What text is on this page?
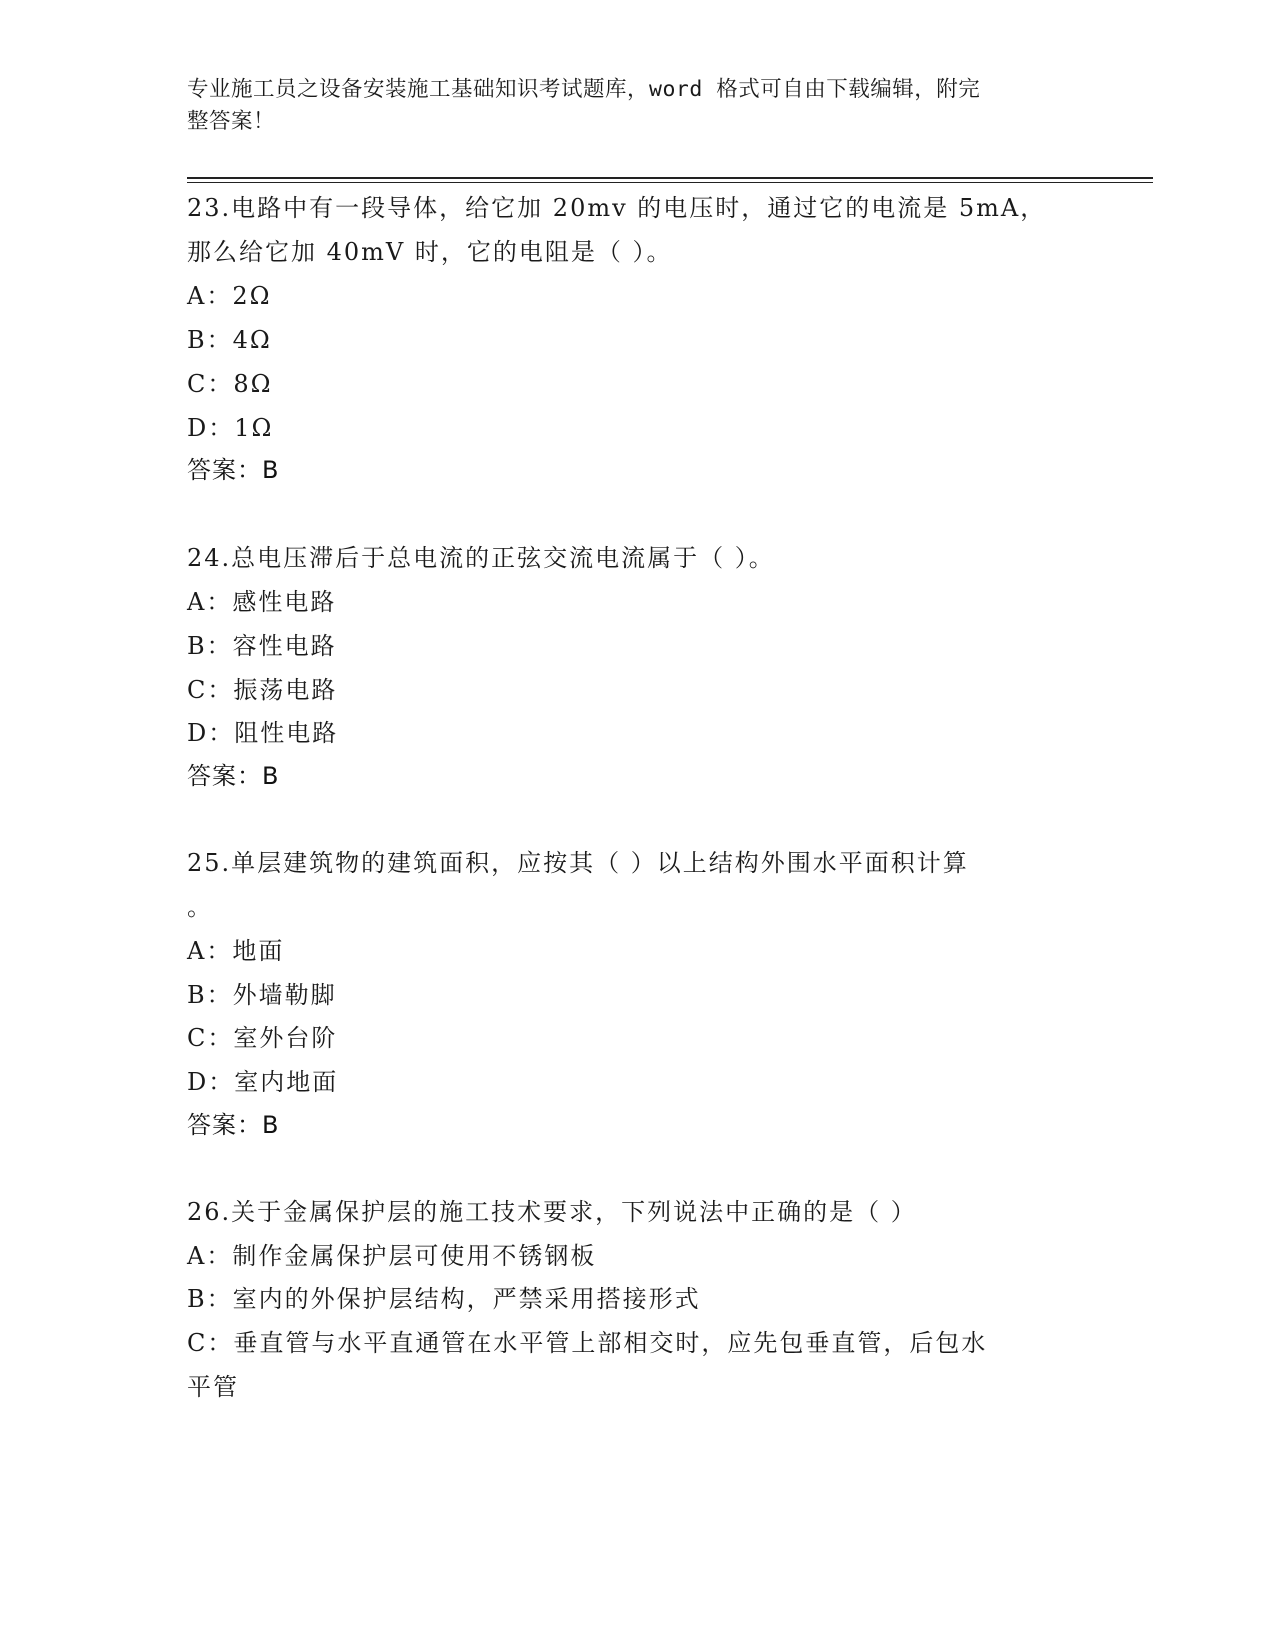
专业施工员之设备安装施工基础知识考试题库，word 格式可自由下载编辑，附完
整答案！
23.电路中有一段导体，给它加 20mv 的电压时，通过它的电流是 5mA，
那么给它加 40mV 时，它的电阻是（ ）。
A：2Ω
B：4Ω
C：8Ω
D：1Ω
答案：B
24.总电压滞后于总电流的正弦交流电流属于（ ）。
A：感性电路
B：容性电路
C：振荡电路
D：阻性电路
答案：B
25.单层建筑物的建筑面积，应按其（ ）以上结构外围水平面积计算
。
A：地面
B：外墙勒脚
C：室外台阶
D：室内地面
答案：B
26.关于金属保护层的施工技术要求，下列说法中正确的是（ ）
A：制作金属保护层可使用不锈钢板
B：室内的外保护层结构，严禁采用搭接形式
C：垂直管与水平直通管在水平管上部相交时，应先包垂直管，后包水
平管
